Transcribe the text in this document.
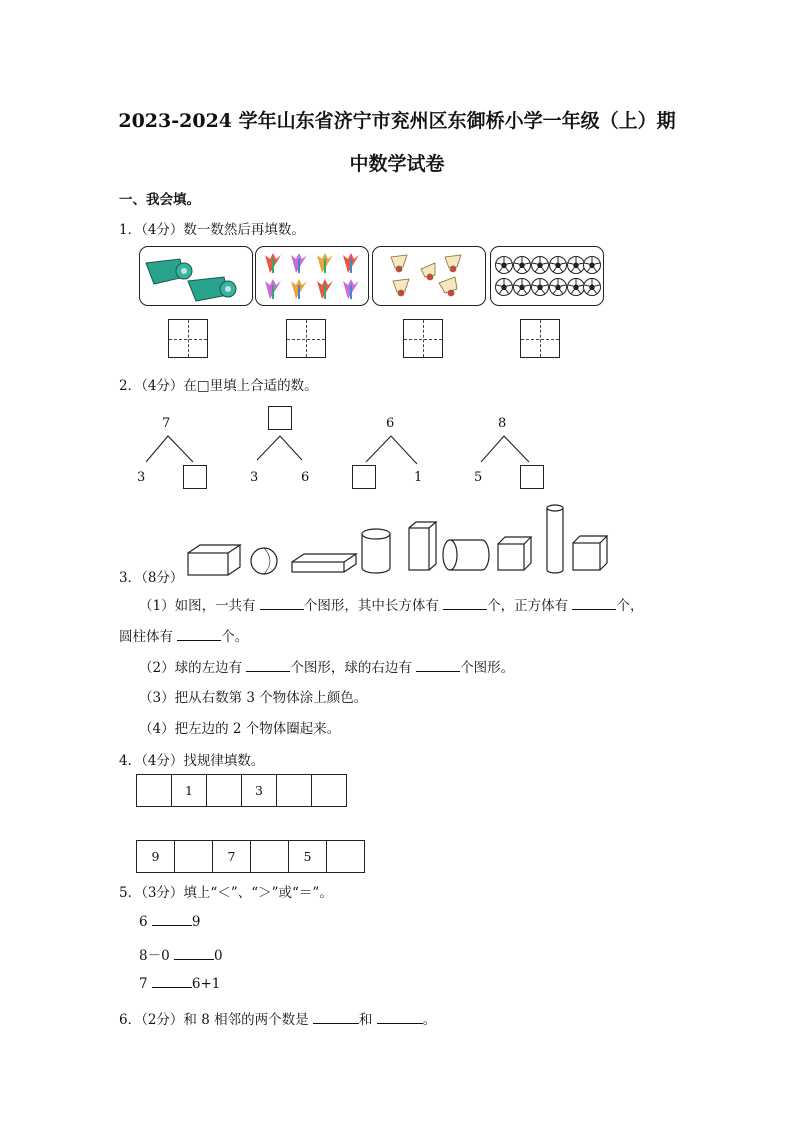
2023-2024 学年山东省济宁市兖州区东御桥小学一年级（上）期
中数学试卷
一、我会填。
1．（4分）数一数然后再填数。
2．（4分）在□里填上合适的数。
7
3	3	6
6
1
8
5
3．（8分）
（1）如图，一共有	个图形，其中长方体有	个，正方体有	个，
圆柱体有	个。
（2）球的左边有	个图形，球的右边有	个图形。
（3）把从右数第 3 个物体涂上颜色。
（4）把左边的 2 个物体圈起来。
4．（4分）找规律填数。
	1		3		
9		7		5	
5．（3分）填上“＜”、“＞”或“＝”。
6	9
8－0	0
7	6+1
6．（2分）和 8 相邻的两个数是	和	。
